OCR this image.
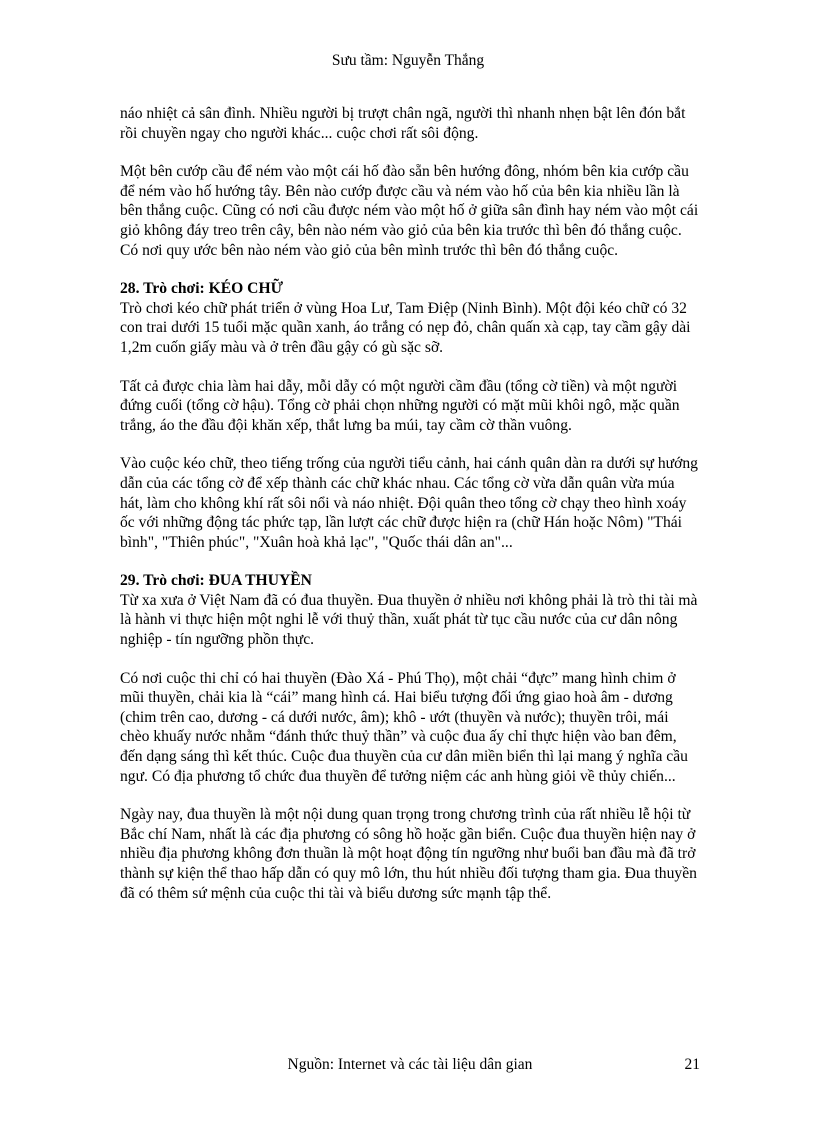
Sưu tầm: Nguyễn Thắng

náo nhiệt cả sân đình. Nhiều người bị trượt chân ngã, người thì nhanh nhẹn bật lên đón bắt rồi chuyền ngay cho người khác... cuộc chơi rất sôi động.

Một bên cướp cầu để ném vào một cái hố đào sẵn bên hướng đông, nhóm bên kia cướp cầu để ném vào hố hướng tây. Bên nào cướp được cầu và ném vào hố của bên kia nhiều lần là bên thắng cuộc. Cũng có nơi cầu được ném vào một hố ở giữa sân đình hay ném vào một cái giỏ không đáy treo trên cây, bên nào ném vào giỏ của bên kia trước thì bên đó thắng cuộc. Có nơi quy ước bên nào ném vào giỏ của bên mình trước thì bên đó thắng cuộc.

28. Trò chơi: KÉO CHỮ

Trò chơi kéo chữ phát triển ở vùng Hoa Lư, Tam Điệp (Ninh Bình). Một đội kéo chữ có 32 con trai dưới 15 tuổi mặc quần xanh, áo trắng có nẹp đỏ, chân quấn xà cạp, tay cầm gậy dài 1,2m cuốn giấy màu và ở trên đầu gậy có gù sặc sỡ.

Tất cả được chia làm hai dẫy, mỗi dẫy có một người cầm đầu (tổng cờ tiền) và một người đứng cuối (tổng cờ hậu). Tổng cờ phải chọn những người có mặt mũi khôi ngô, mặc quần trắng, áo the đầu đội khăn xếp, thắt lưng ba múi, tay cầm cờ thần vuông.

Vào cuộc kéo chữ, theo tiếng trống của người tiểu cảnh, hai cánh quân dàn ra dưới sự hướng dẫn của các tổng cờ để xếp thành các chữ khác nhau. Các tổng cờ vừa dẫn quân vừa múa hát, làm cho không khí rất sôi nổi và náo nhiệt. Đội quân theo tổng cờ chạy theo hình xoáy ốc với những động tác phức tạp, lần lượt các chữ được hiện ra (chữ Hán hoặc Nôm) "Thái bình", "Thiên phúc", "Xuân hoà khả lạc", "Quốc thái dân an"...

29. Trò chơi: ĐUA THUYỀN

Từ xa xưa ở Việt Nam đã có đua thuyền. Đua thuyền ở nhiều nơi không phải là trò thi tài mà là hành vi thực hiện một nghi lễ với thuỷ thần, xuất phát từ tục cầu nước của cư dân nông nghiệp - tín ngưỡng phồn thực.

Có nơi cuộc thi chỉ có hai thuyền (Đào Xá - Phú Thọ), một chải “đực” mang hình chim ở mũi thuyền, chải kia là “cái” mang hình cá. Hai biểu tượng đối ứng giao hoà âm - dương (chim trên cao, dương - cá dưới nước, âm); khô - ướt (thuyền và nước); thuyền trôi, mái chèo khuấy nước nhằm “đánh thức thuỷ thần” và cuộc đua ấy chỉ thực hiện vào ban đêm, đến dạng sáng thì kết thúc. Cuộc đua thuyền của cư dân miền biển thì lại mang ý nghĩa cầu ngư. Có địa phương tổ chức đua thuyền để tưởng niệm các anh hùng giỏi về thủy chiến...

Ngày nay, đua thuyền là một nội dung quan trọng trong chương trình của rất nhiều lễ hội từ Bắc chí Nam, nhất là các địa phương có sông hồ hoặc gần biển. Cuộc đua thuyền hiện nay ở nhiều địa phương không đơn thuần là một hoạt động tín ngưỡng như buổi ban đầu mà đã trở thành sự kiện thể thao hấp dẫn có quy mô lớn, thu hút nhiều đối tượng tham gia. Đua thuyền đã có thêm sứ mệnh của cuộc thi tài và biểu dương sức mạnh tập thể.

Nguồn: Internet và các tài liệu dân gian	21
